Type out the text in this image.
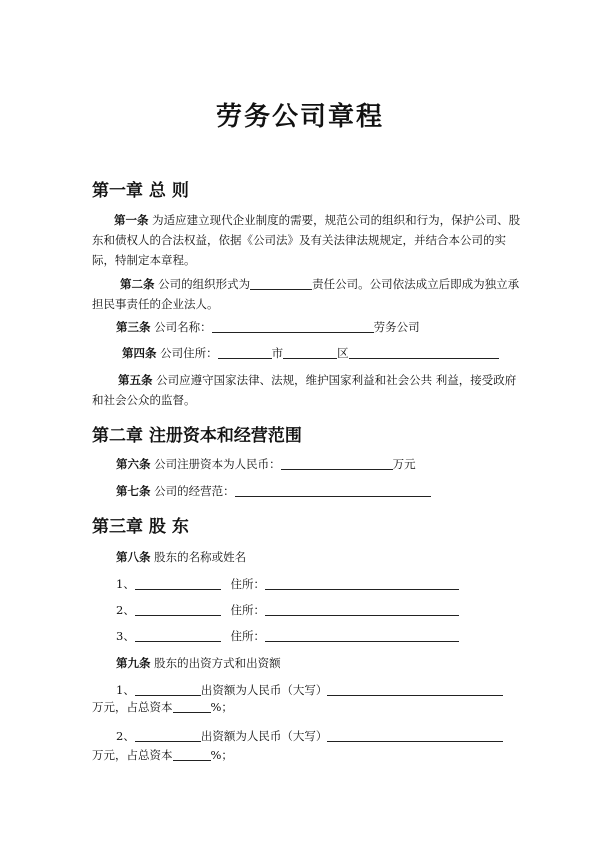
劳务公司章程
第一章 总 则
第一条 为适应建立现代企业制度的需要，规范公司的组织和行为，保护公司、股东和债权人的合法权益，依据《公司法》及有关法律法规规定，并结合本公司的实际，特制定本章程。
第二条 公司的组织形式为	责任公司。公司依法成立后即成为独立承担民事责任的企业法人。
第三条 公司名称：	劳务公司
第四条 公司住所：	市	区
第五条 公司应遵守国家法律、法规，维护国家利益和社会公共 利益，接受政府和社会公众的监督。
第二章 注册资本和经营范围
第六条 公司注册资本为人民币：	万元
第七条 公司的经营范：
第三章 股 东
第八条 股东的名称或姓名
1、	住所：
2、	住所：
3、	住所：
第九条 股东的出资方式和出资额
1、	出资额为人民币（大写）
万元，占总资本	%；
2、	出资额为人民币（大写）
万元，占总资本	%；
